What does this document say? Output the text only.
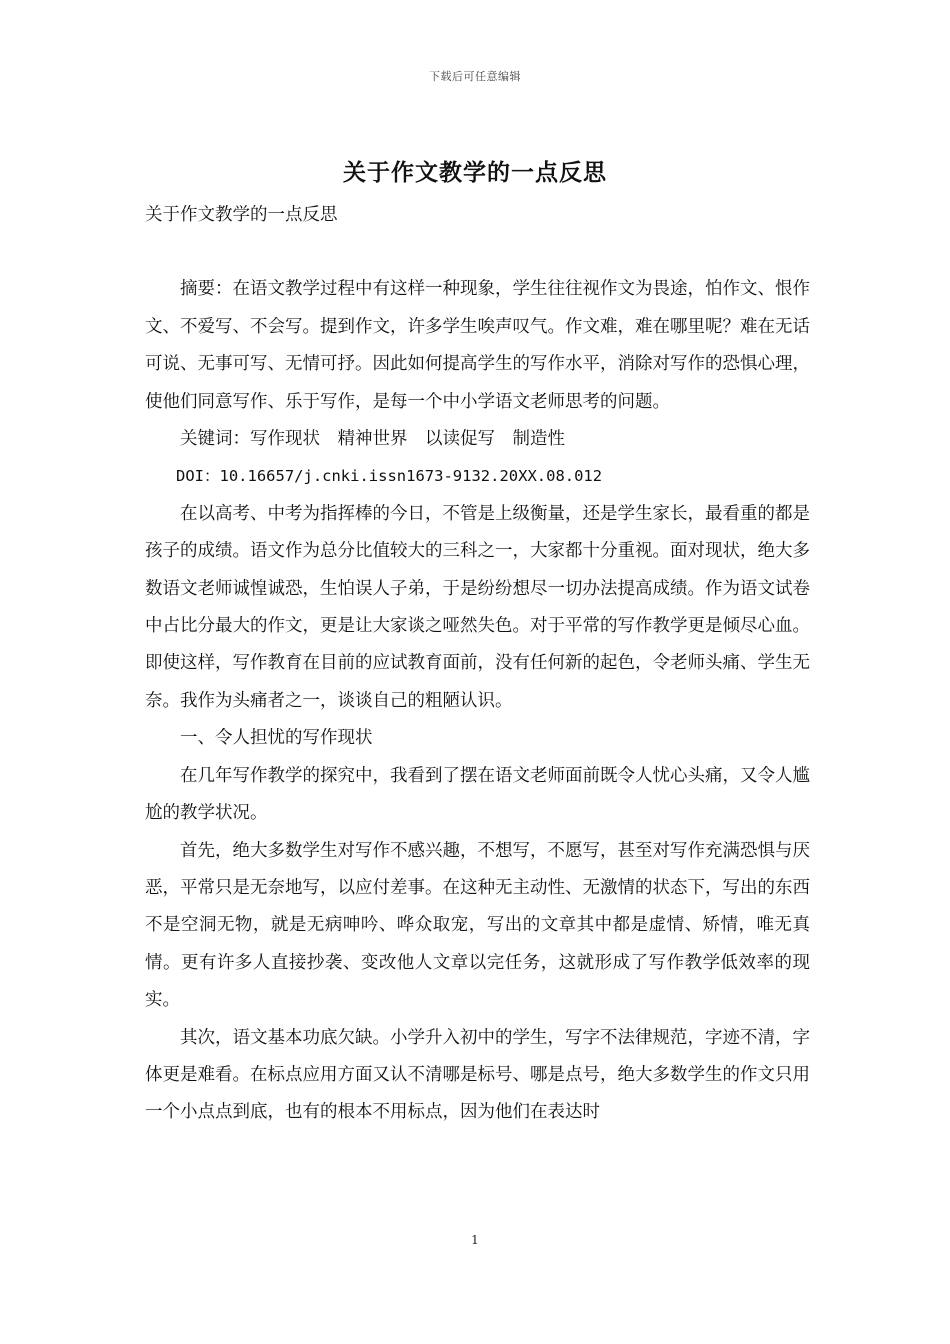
下载后可任意编辑
关于作文教学的一点反思

关于作文教学的一点反思

摘要：在语文教学过程中有这样一种现象，学生往往视作文为畏途，怕作文、恨作文、不爱写、不会写。提到作文，许多学生唉声叹气。作文难，难在哪里呢？难在无话可说、无事可写、无情可抒。因此如何提高学生的写作水平，消除对写作的恐惧心理，使他们同意写作、乐于写作，是每一个中小学语文老师思考的问题。

关键词：写作现状　精神世界　以读促写　制造性

DOI：10.16657/j.cnki.issn1673-9132.20XX.08.012

在以高考、中考为指挥棒的今日，不管是上级衡量，还是学生家长，最看重的都是孩子的成绩。语文作为总分比值较大的三科之一，大家都十分重视。面对现状，绝大多数语文老师诚惶诚恐，生怕误人子弟，于是纷纷想尽一切办法提高成绩。作为语文试卷中占比分最大的作文，更是让大家谈之哑然失色。对于平常的写作教学更是倾尽心血。即使这样，写作教育在目前的应试教育面前，没有任何新的起色，令老师头痛、学生无奈。我作为头痛者之一，谈谈自己的粗陋认识。

一、令人担忧的写作现状

在几年写作教学的探究中，我看到了摆在语文老师面前既令人忧心头痛，又令人尴尬的教学状况。

首先，绝大多数学生对写作不感兴趣，不想写，不愿写，甚至对写作充满恐惧与厌恶，平常只是无奈地写，以应付差事。在这种无主动性、无激情的状态下，写出的东西不是空洞无物，就是无病呻吟、哗众取宠，写出的文章其中都是虚情、矫情，唯无真情。更有许多人直接抄袭、变改他人文章以完任务，这就形成了写作教学低效率的现实。

其次，语文基本功底欠缺。小学升入初中的学生，写字不法律规范，字迹不清，字体更是难看。在标点应用方面又认不清哪是标号、哪是点号，绝大多数学生的作文只用一个小点点到底，也有的根本不用标点，因为他们在表达时

1
